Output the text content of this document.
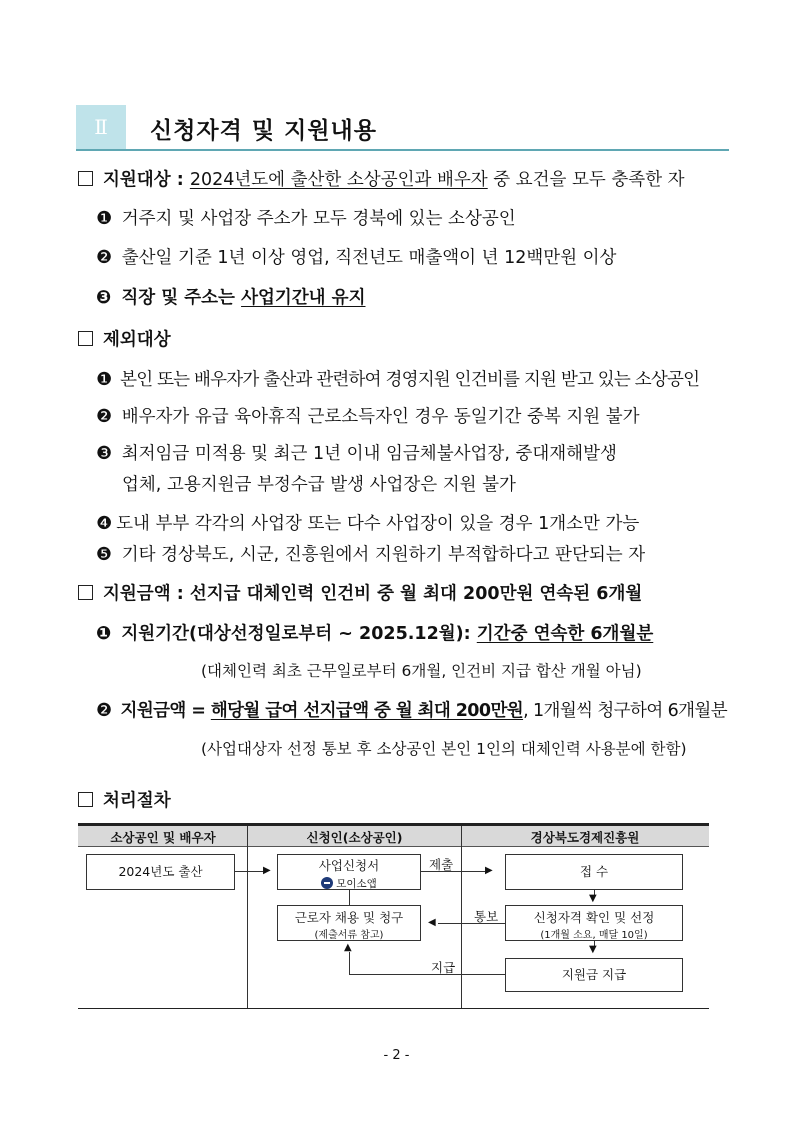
Ⅱ	신청자격 및 지원내용
지원대상 : 2024년도에 출산한 소상공인과 배우자 중 요건을 모두 충족한 자
❶ 거주지 및 사업장 주소가 모두 경북에 있는 소상공인
❷ 출산일 기준 1년 이상 영업, 직전년도 매출액이 년 12백만원 이상
❸ 직장 및 주소는 사업기간내 유지
제외대상
❶ 본인 또는 배우자가 출산과 관련하여 경영지원 인건비를 지원 받고 있는 소상공인
❷ 배우자가 유급 육아휴직 근로소득자인 경우 동일기간 중복 지원 불가
❸ 최저임금 미적용 및 최근 1년 이내 임금체불사업장, 중대재해발생
업체, 고용지원금 부정수급 발생 사업장은 지원 불가
❹ 도내 부부 각각의 사업장 또는 다수 사업장이 있을 경우 1개소만 가능
❺ 기타 경상북도, 시군, 진흥원에서 지원하기 부적합하다고 판단되는 자
지원금액 : 선지급 대체인력 인건비 중 월 최대 200만원 연속된 6개월
❶ 지원기간(대상선정일로부터 ~ 2025.12월): 기간중 연속한 6개월분
(대체인력 최초 근무일로부터 6개월, 인건비 지급 합산 개월 아님)
❷ 지원금액 = 해당월 급여 선지급액 중 월 최대 200만원, 1개월씩 청구하여 6개월분
(사업대상자 선정 통보 후 소상공인 본인 1인의 대체인력 사용분에 한함)
처리절차
소상공인 및 배우자	신청인(소상공인)	경상북도경제진흥원
2024년도 출산	사업신청서
모이소앱
근로자 채용 및 청구
(제출서류 참고)
접 수
신청자격 확인 및 선정
(1개월 소요, 매달 10일)
지원금 지급
▶	▶
제출
▼
◀	통보
▼
▲
지급
- 2 -
